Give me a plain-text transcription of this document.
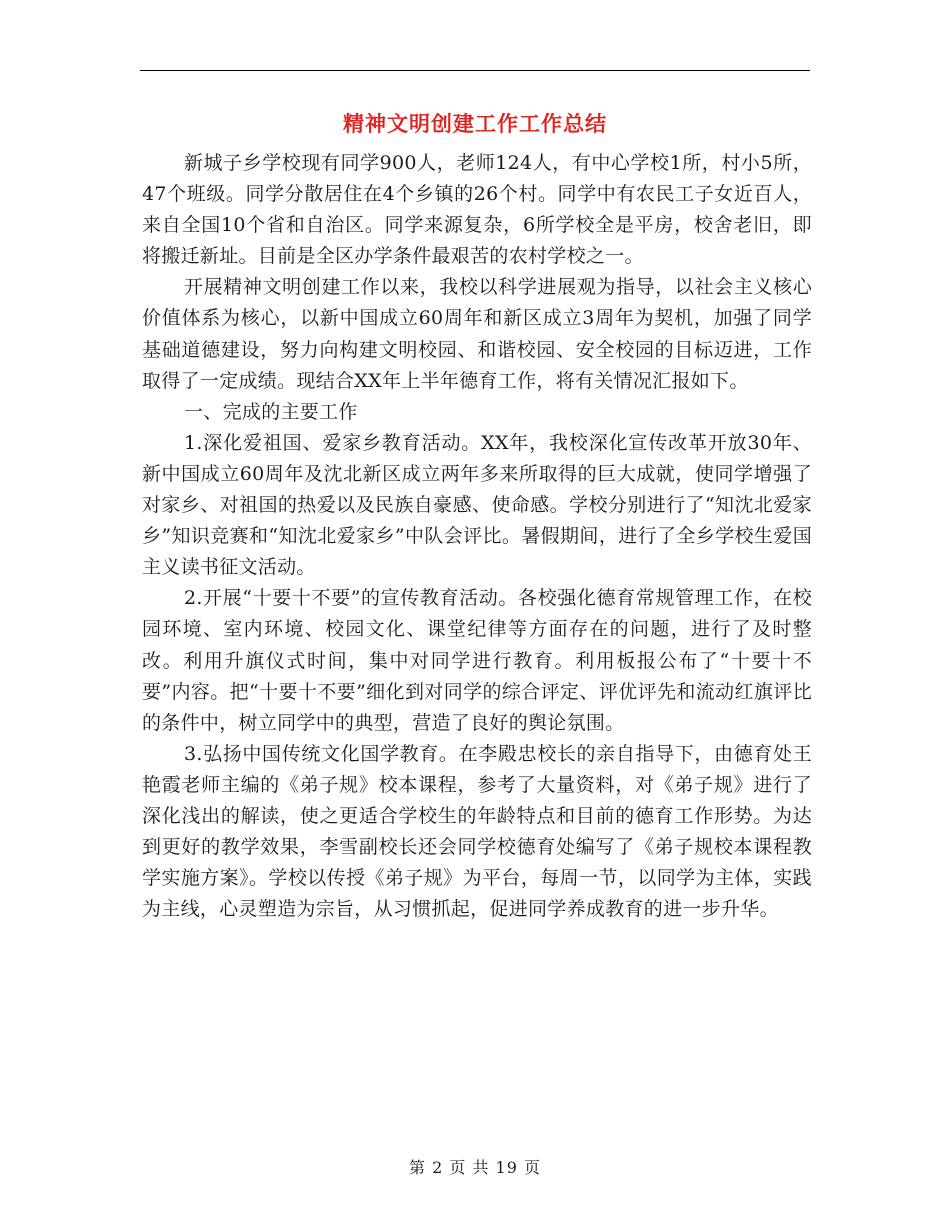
精神文明创建工作工作总结

新城子乡学校现有同学900人，老师124人，有中心学校1所，村小5所，47个班级。同学分散居住在4个乡镇的26个村。同学中有农民工子女近百人，来自全国10个省和自治区。同学来源复杂，6所学校全是平房，校舍老旧，即将搬迁新址。目前是全区办学条件最艰苦的农村学校之一。

开展精神文明创建工作以来，我校以科学进展观为指导，以社会主义核心价值体系为核心，以新中国成立60周年和新区成立3周年为契机，加强了同学基础道德建设，努力向构建文明校园、和谐校园、安全校园的目标迈进，工作取得了一定成绩。现结合XX年上半年德育工作，将有关情况汇报如下。

一、完成的主要工作

1.深化爱祖国、爱家乡教育活动。XX年，我校深化宣传改革开放30年、新中国成立60周年及沈北新区成立两年多来所取得的巨大成就，使同学增强了对家乡、对祖国的热爱以及民族自豪感、使命感。学校分别进行了“知沈北爱家乡”知识竞赛和“知沈北爱家乡”中队会评比。暑假期间，进行了全乡学校生爱国主义读书征文活动。

2.开展“十要十不要”的宣传教育活动。各校强化德育常规管理工作，在校园环境、室内环境、校园文化、课堂纪律等方面存在的问题，进行了及时整改。利用升旗仪式时间，集中对同学进行教育。利用板报公布了“十要十不要”内容。把“十要十不要”细化到对同学的综合评定、评优评先和流动红旗评比的条件中，树立同学中的典型，营造了良好的舆论氛围。

3.弘扬中国传统文化国学教育。在李殿忠校长的亲自指导下，由德育处王艳霞老师主编的《弟子规》校本课程，参考了大量资料，对《弟子规》进行了深化浅出的解读，使之更适合学校生的年龄特点和目前的德育工作形势。为达到更好的教学效果，李雪副校长还会同学校德育处编写了《弟子规校本课程教学实施方案》。学校以传授《弟子规》为平台，每周一节，以同学为主体，实践为主线，心灵塑造为宗旨，从习惯抓起，促进同学养成教育的进一步升华。

第 2 页 共 19 页
